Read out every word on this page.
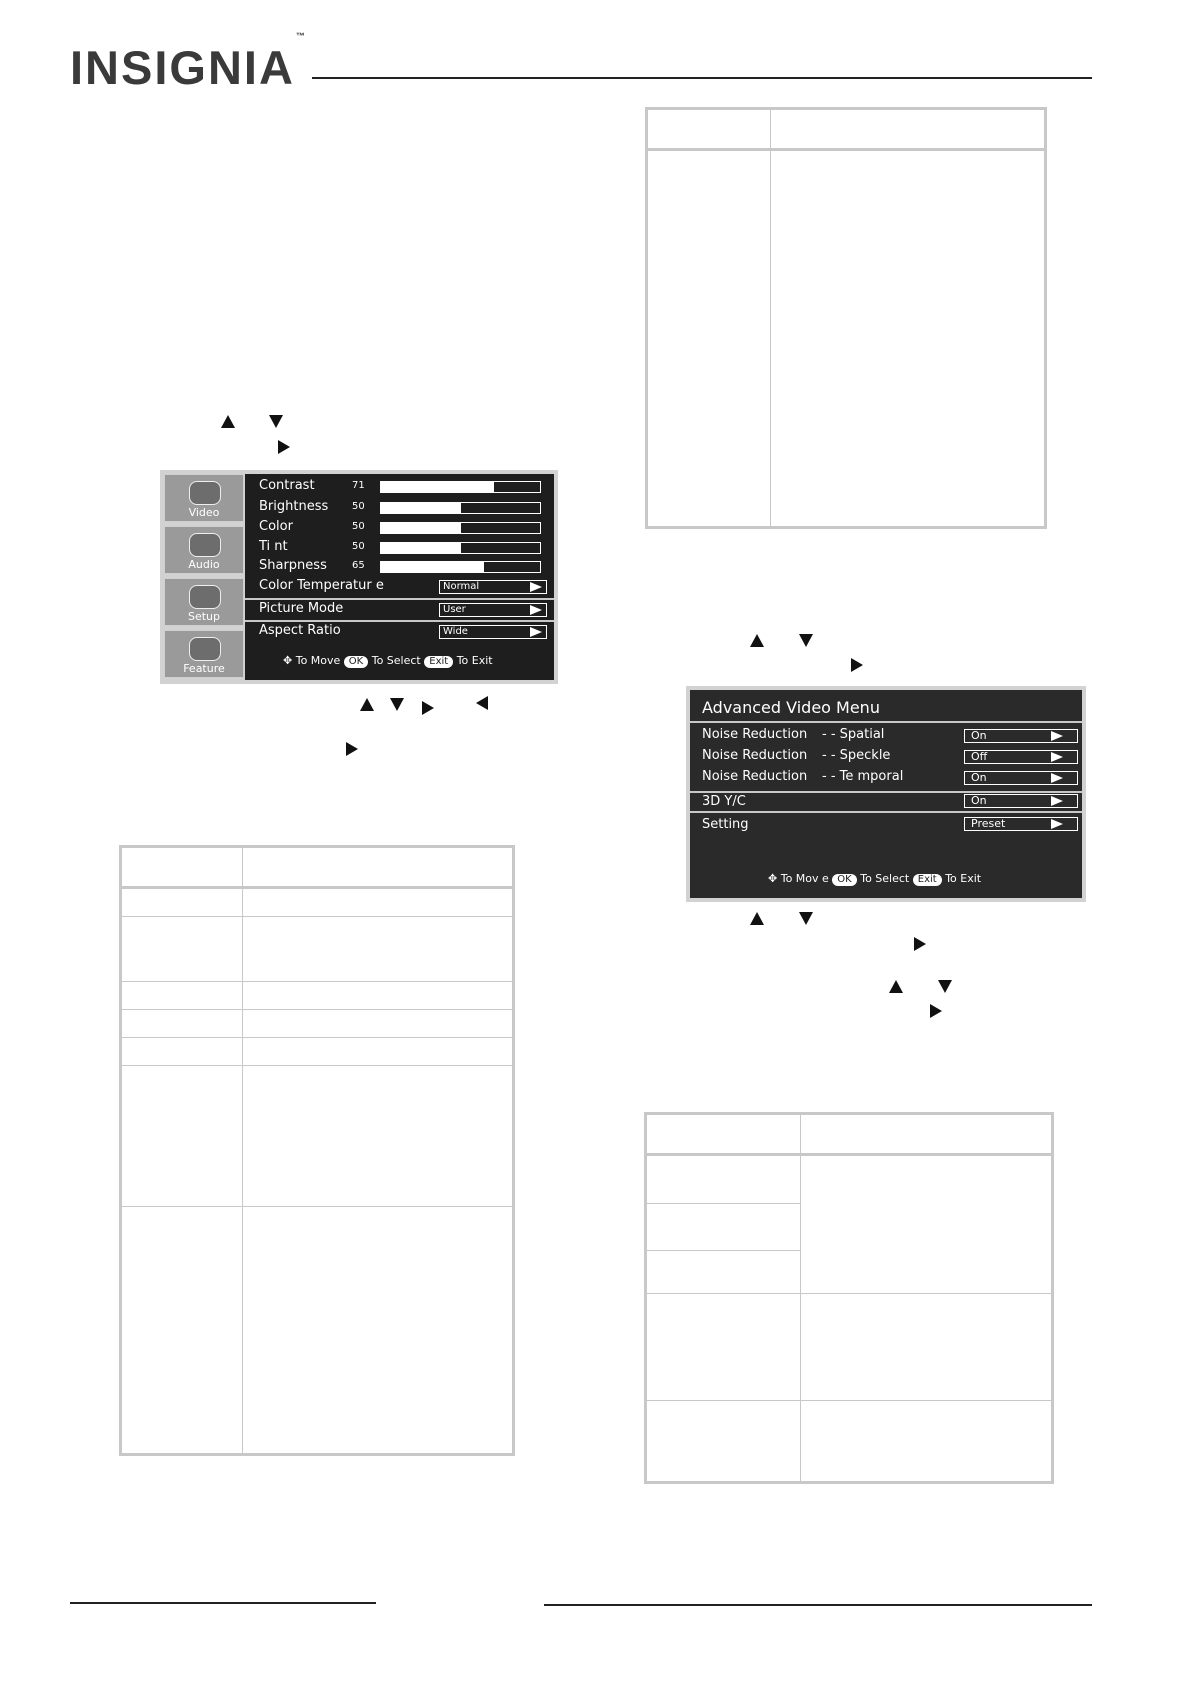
INSIGNIA™
Video
Audio
Setup
Feature
Contrast	71
Brightness 50
Color	50
Ti nt	50
Sharpness	65
Color Temperatur e	Normal
Picture Mode	User
Aspect Ratio	Wide
✥ To Move OK To Select Exit To Exit
Advanced Video Menu
Noise Reduction - - Spatial	On
Noise Reduction - - Speckle	Off
Noise Reduction - - Te mporal	On
3D Y/C	On
Setting	Preset
✥ To Mov e OK To Select Exit To Exit
